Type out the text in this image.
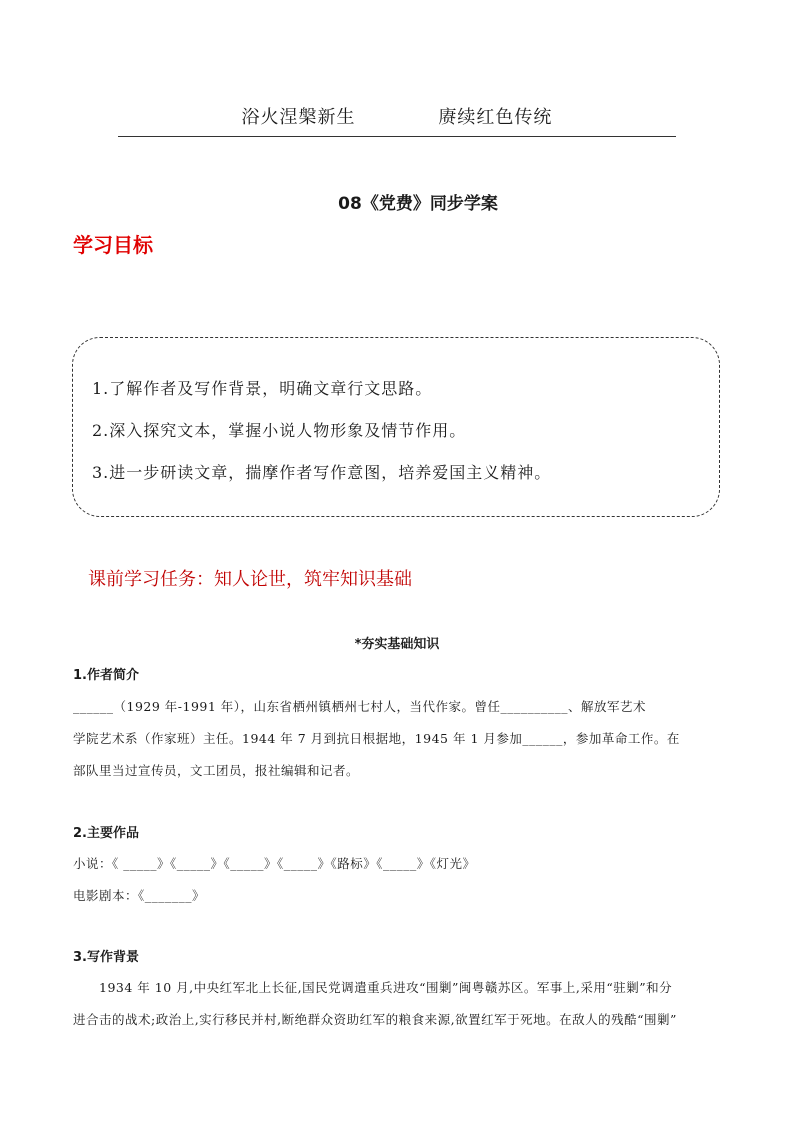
浴火涅槃新生    赓续红色传统
08《党费》同步学案
学习目标
1.了解作者及写作背景，明确文章行文思路。
2.深入探究文本，掌握小说人物形象及情节作用。
3.进一步研读文章，揣摩作者写作意图，培养爱国主义精神。
课前学习任务：知人论世，筑牢知识基础
*夯实基础知识
1.作者简介
______（1929 年-1991 年），山东省栖州镇栖州七村人，当代作家。曾任__________、解放军艺术
学院艺术系（作家班）主任。1944 年 7 月到抗日根据地，1945 年 1 月参加______，参加革命工作。在
部队里当过宣传员，文工团员，报社编辑和记者。
2.主要作品
小说：《 _____》《_____》《_____》《_____》《路标》《_____》《灯光》
电影剧本：《_______》
3.写作背景
1934 年 10 月,中央红军北上长征,国民党调遣重兵进攻“围剿”闽粤赣苏区。军事上,采用“驻剿”和分
进合击的战术;政治上,实行移民并村,断绝群众资助红军的粮食来源,欲置红军于死地。在敌人的残酷“围剿”
